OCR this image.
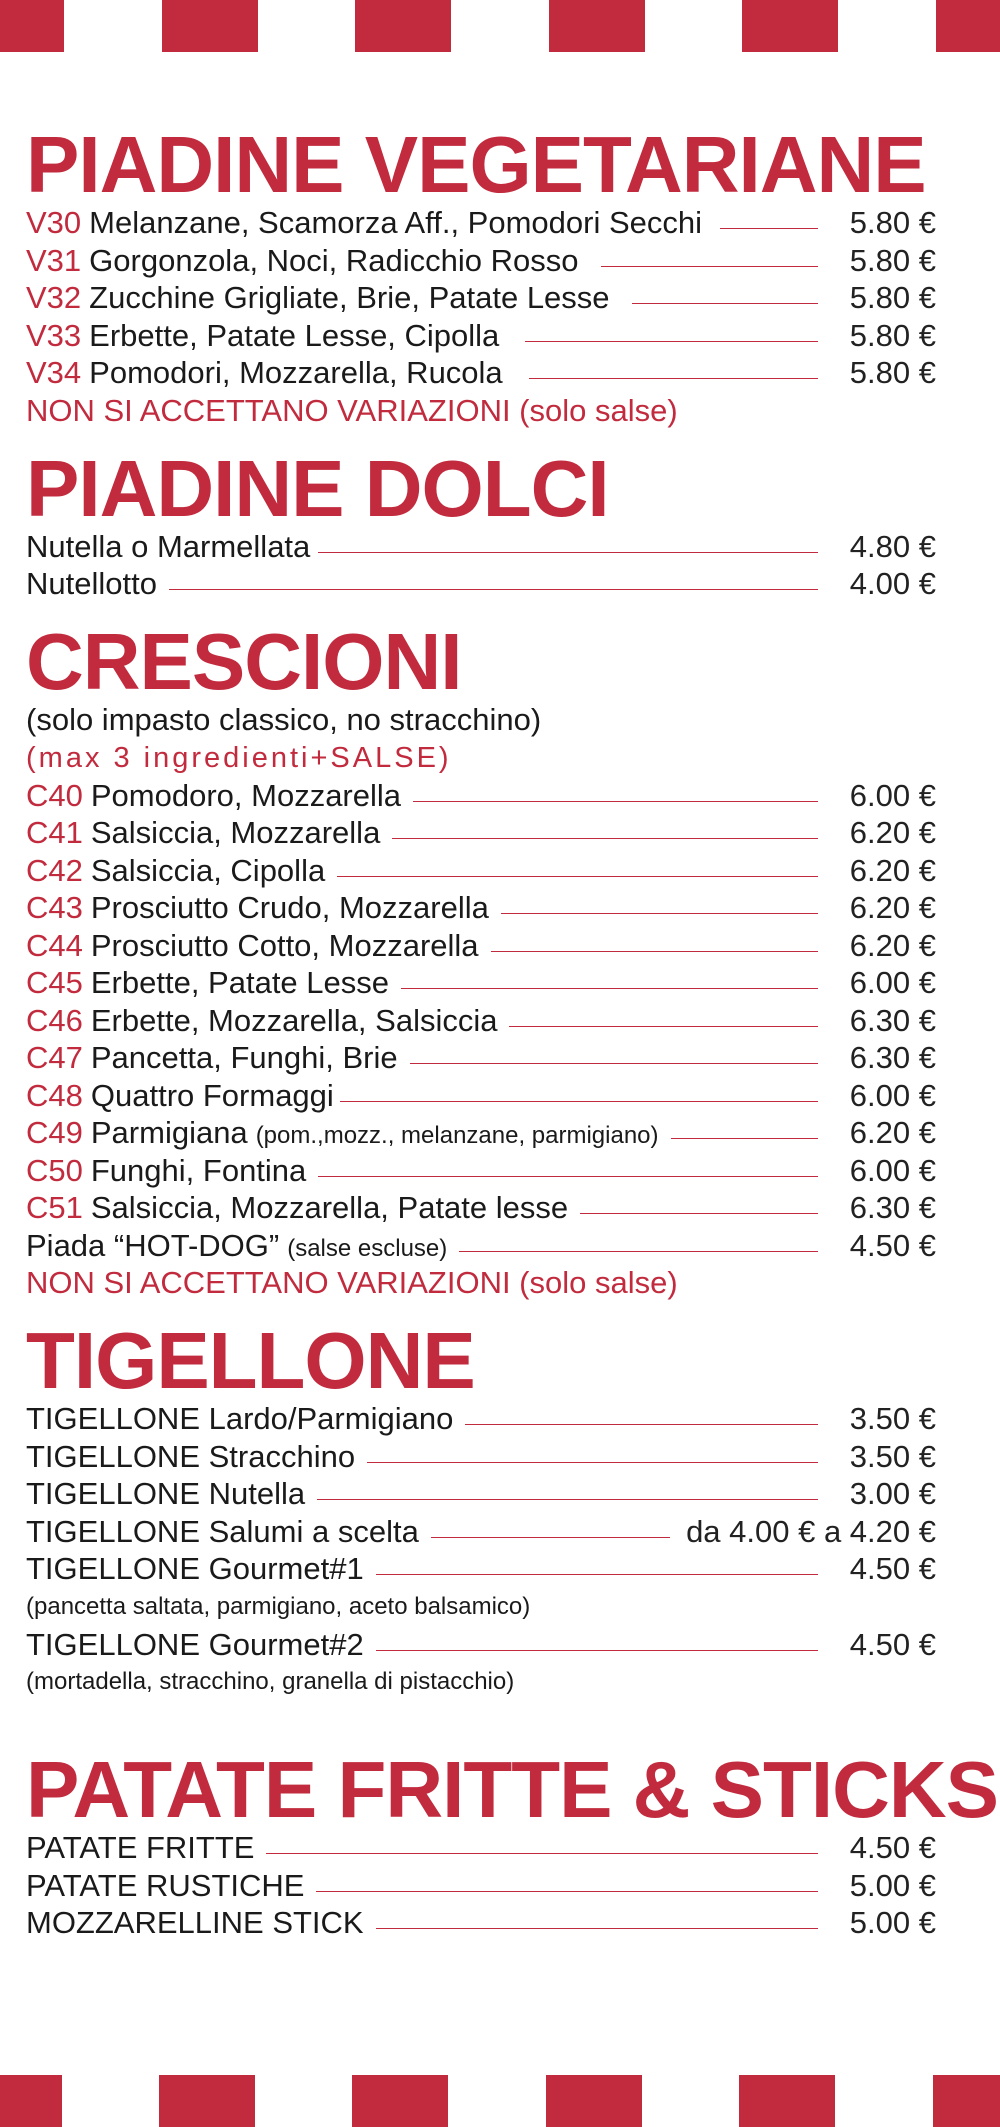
PIADINE VEGETARIANE
V30 Melanzane, Scamorza Aff., Pomodori Secchi	5.80 €
V31 Gorgonzola, Noci, Radicchio Rosso	5.80 €
V32 Zucchine Grigliate, Brie, Patate Lesse	5.80 €
V33 Erbette, Patate Lesse, Cipolla	5.80 €
V34 Pomodori, Mozzarella, Rucola	5.80 €
NON SI ACCETTANO VARIAZIONI (solo salse)
PIADINE DOLCI
Nutella o Marmellata	4.80 €
Nutellotto	4.00 €
CRESCIONI
(solo impasto classico, no stracchino)
(max 3 ingredienti+SALSE)
C40 Pomodoro, Mozzarella	6.00 €
C41 Salsiccia, Mozzarella	6.20 €
C42 Salsiccia, Cipolla	6.20 €
C43 Prosciutto Crudo, Mozzarella	6.20 €
C44 Prosciutto Cotto, Mozzarella	6.20 €
C45 Erbette, Patate Lesse	6.00 €
C46 Erbette, Mozzarella, Salsiccia	6.30 €
C47 Pancetta, Funghi, Brie	6.30 €
C48 Quattro Formaggi	6.00 €
C49 Parmigiana (pom.,mozz., melanzane, parmigiano)	6.20 €
C50 Funghi, Fontina	6.00 €
C51 Salsiccia, Mozzarella, Patate lesse	6.30 €
Piada “HOT-DOG” (salse escluse)	4.50 €
NON SI ACCETTANO VARIAZIONI (solo salse)
TIGELLONE
TIGELLONE Lardo/Parmigiano	3.50 €
TIGELLONE Stracchino	3.50 €
TIGELLONE Nutella	3.00 €
TIGELLONE Salumi a scelta	da 4.00 € a 4.20 €
TIGELLONE Gourmet#1	4.50 €
(pancetta saltata, parmigiano, aceto balsamico)
TIGELLONE Gourmet#2	4.50 €
(mortadella, stracchino, granella di pistacchio)
PATATE FRITTE & STICKS
PATATE FRITTE	4.50 €
PATATE RUSTICHE	5.00 €
MOZZARELLINE STICK	5.00 €
